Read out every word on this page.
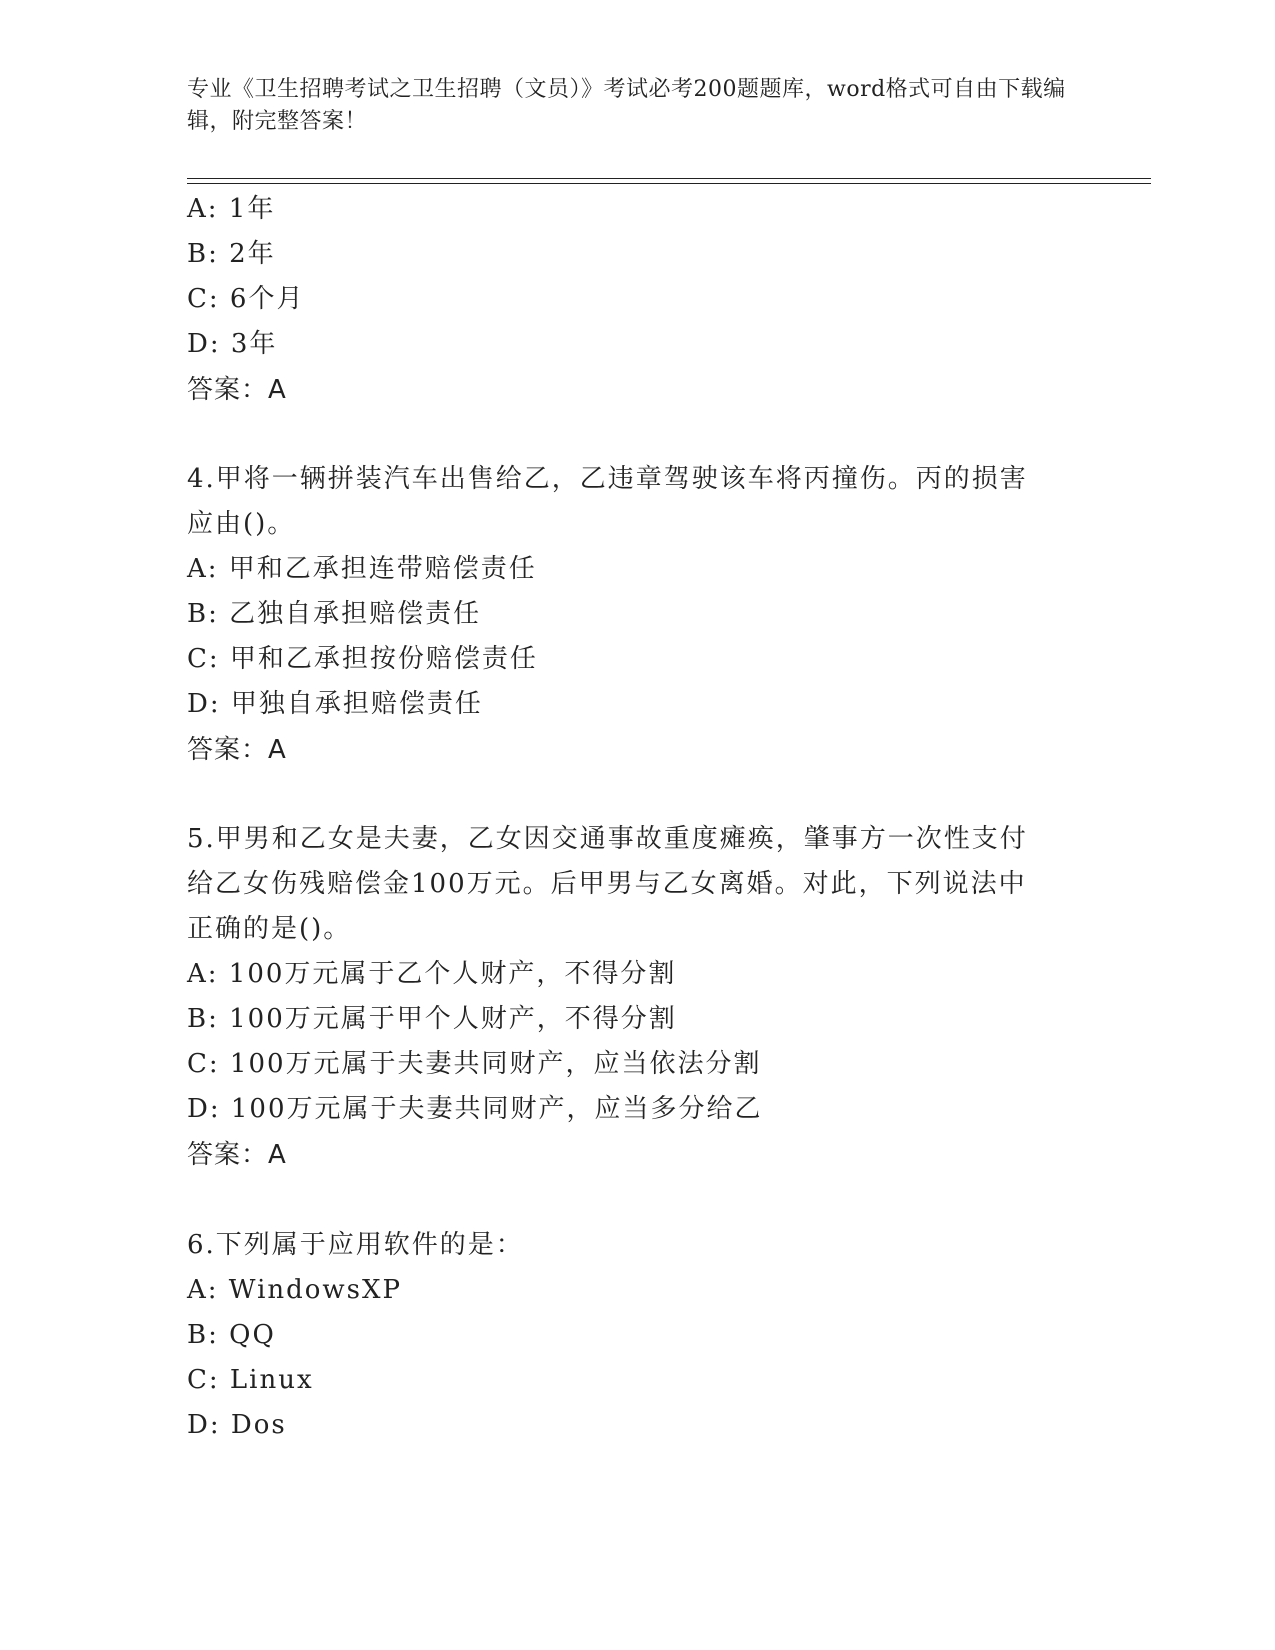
专业《卫生招聘考试之卫生招聘（文员）》考试必考200题题库，word格式可自由下载编辑，附完整答案！
A: 1年
B: 2年
C: 6个月
D: 3年
答案：A
4.甲将一辆拼装汽车出售给乙，乙违章驾驶该车将丙撞伤。丙的损害
应由()。
A: 甲和乙承担连带赔偿责任
B: 乙独自承担赔偿责任
C: 甲和乙承担按份赔偿责任
D: 甲独自承担赔偿责任
答案：A
5.甲男和乙女是夫妻，乙女因交通事故重度瘫痪，肇事方一次性支付
给乙女伤残赔偿金100万元。后甲男与乙女离婚。对此，下列说法中
正确的是()。
A: 100万元属于乙个人财产，不得分割
B: 100万元属于甲个人财产，不得分割
C: 100万元属于夫妻共同财产，应当依法分割
D: 100万元属于夫妻共同财产，应当多分给乙
答案：A
6.下列属于应用软件的是：
A: WindowsXP
B: QQ
C: Linux
D: Dos
